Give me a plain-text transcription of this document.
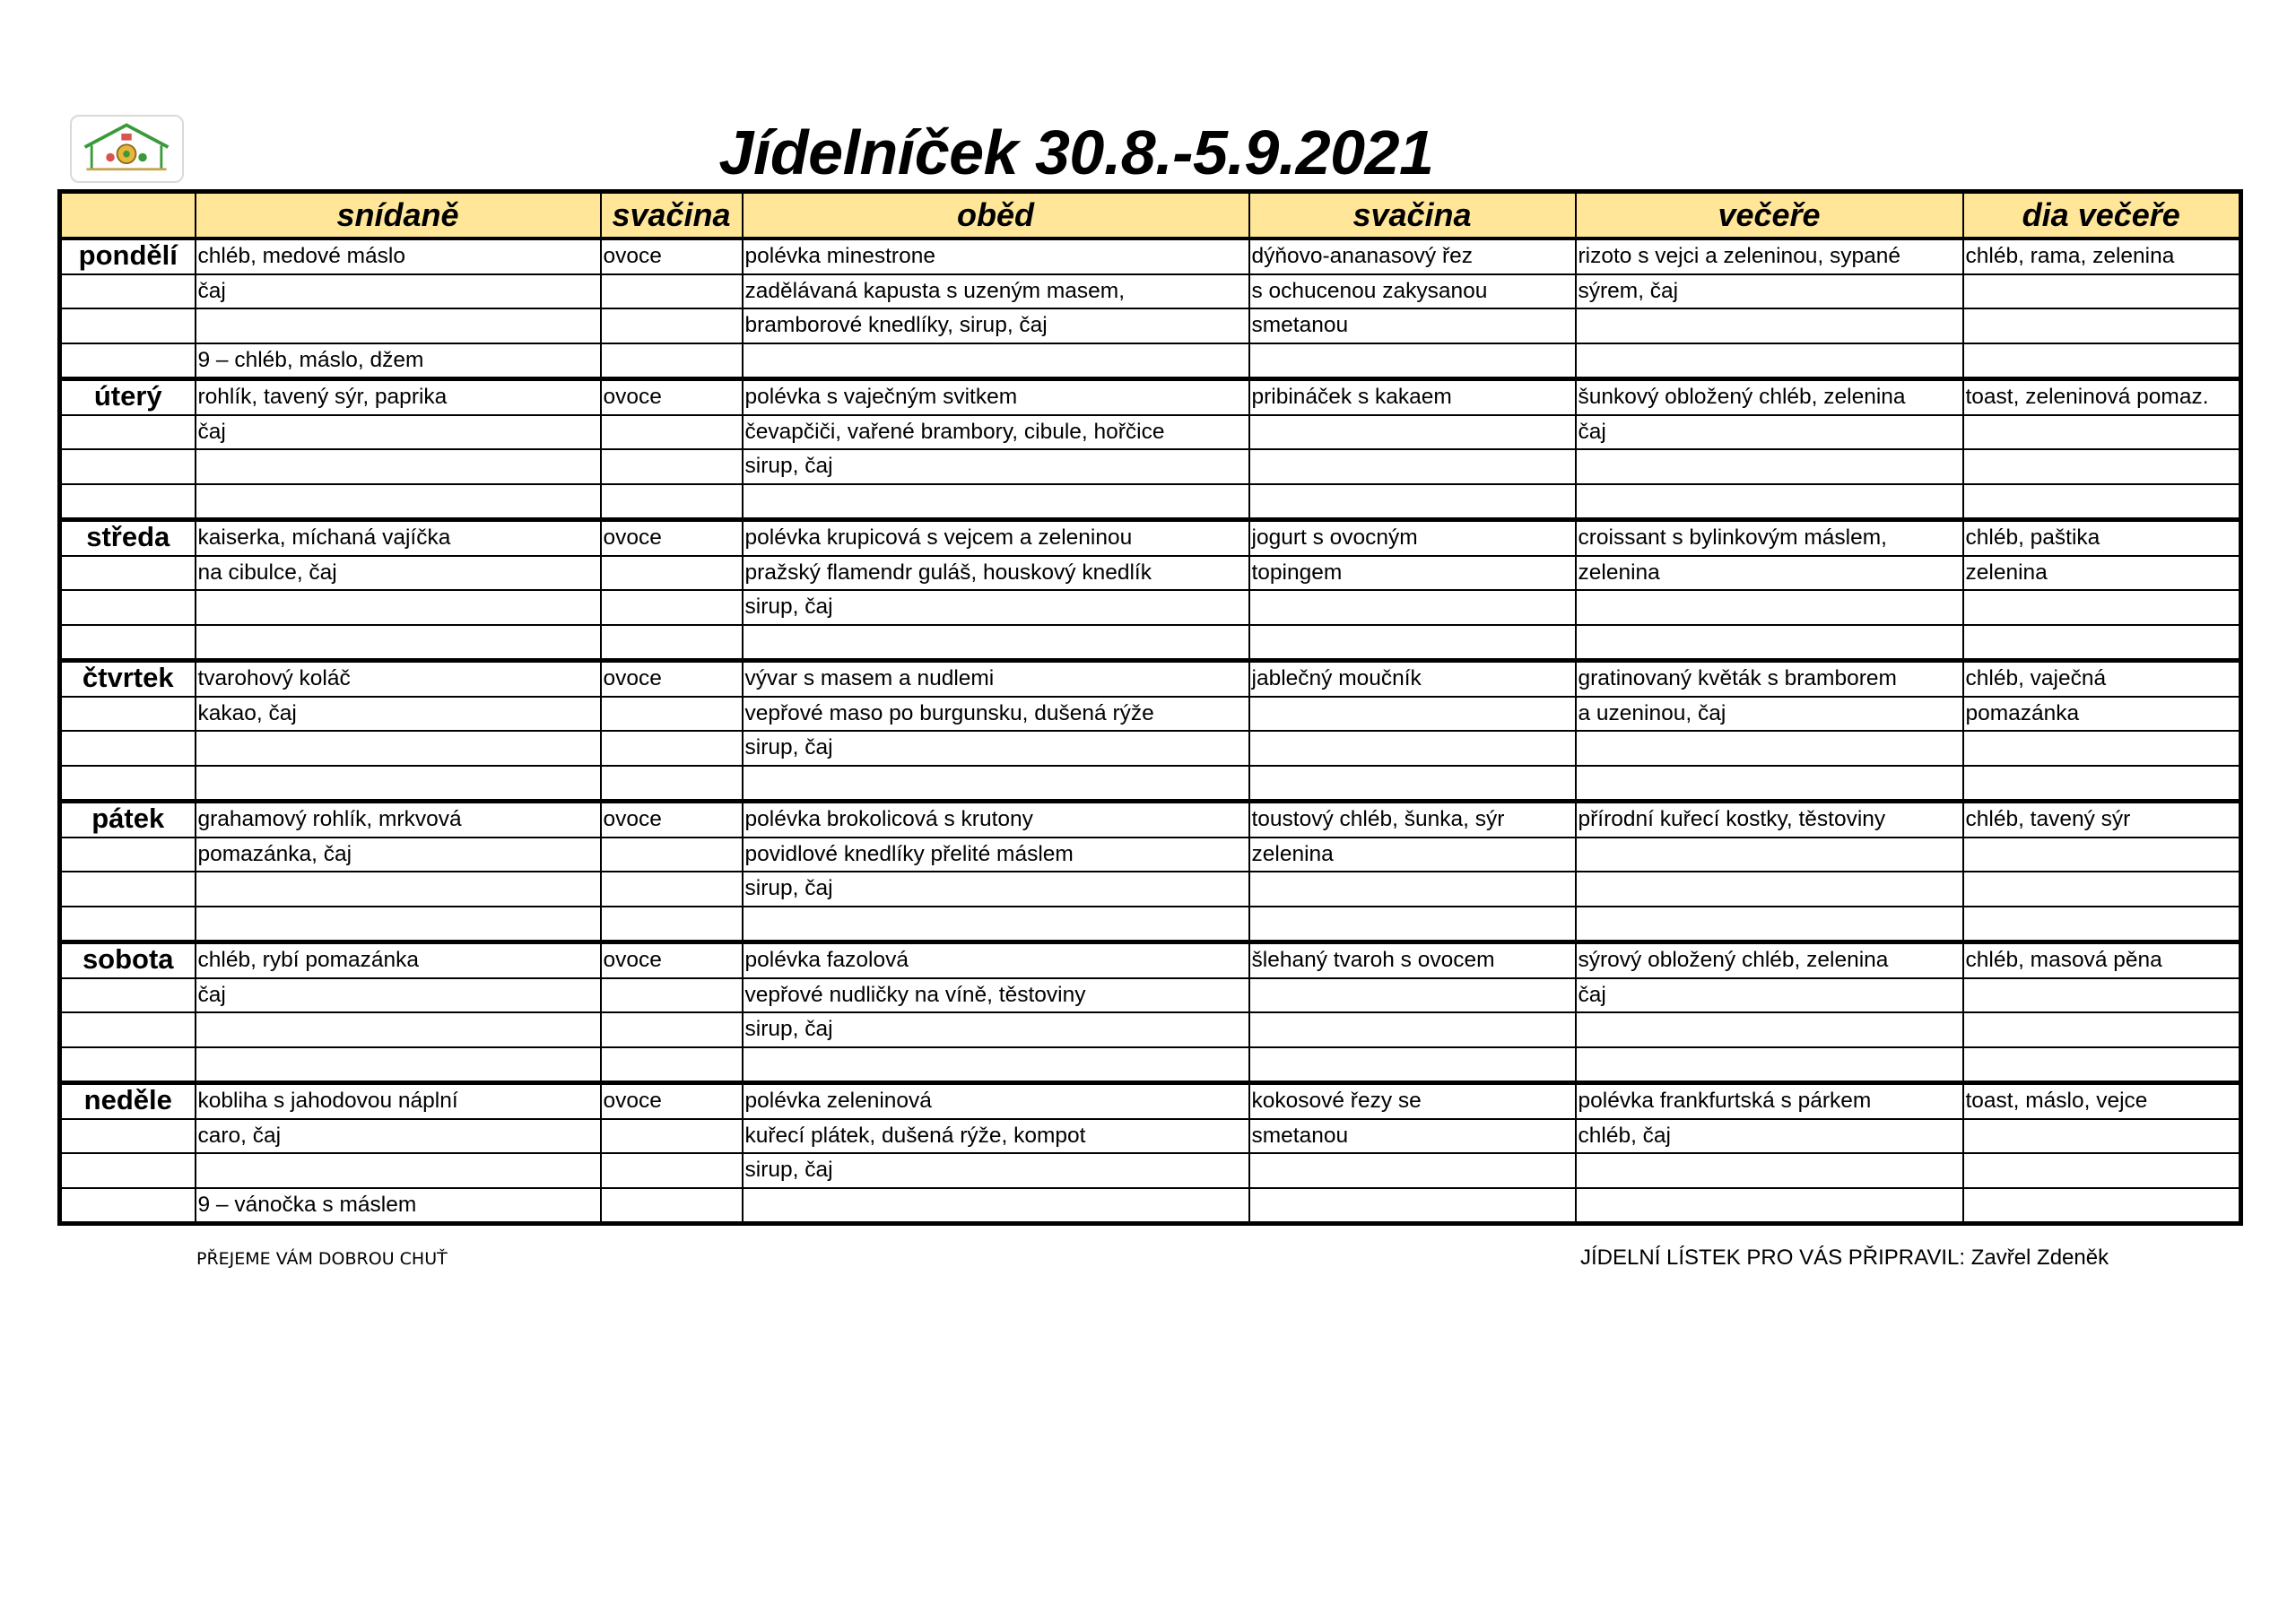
Jídelníček 30.8.-5.9.2021
	snídaně	svačina	oběd	svačina	večeře	dia večeře
pondělí	chléb, medové máslo	ovoce	polévka minestrone	dýňovo-ananasový řez	rizoto s vejci a zeleninou, sypané	chléb, rama, zelenina
	čaj		zadělávaná kapusta s uzeným masem,	s ochucenou zakysanou	sýrem, čaj	
			bramborové knedlíky, sirup, čaj	smetanou		
	9 – chléb, máslo, džem					
úterý	rohlík, tavený sýr, paprika	ovoce	polévka s vaječným svitkem	pribináček s kakaem	šunkový obložený chléb, zelenina	toast, zeleninová pomaz.
	čaj		čevapčiči, vařené brambory, cibule, hořčice		čaj	
			sirup, čaj			

středa	kaiserka, míchaná vajíčka	ovoce	polévka krupicová s vejcem a zeleninou	jogurt s ovocným	croissant s bylinkovým máslem,	chléb, paštika
	na cibulce, čaj		pražský flamendr guláš, houskový knedlík	topingem	zelenina	zelenina
			sirup, čaj			

čtvrtek	tvarohový koláč	ovoce	vývar s masem a nudlemi	jablečný moučník	gratinovaný květák s bramborem	chléb, vaječná
	kakao, čaj		vepřové maso po burgunsku, dušená rýže		a uzeninou, čaj	pomazánka
			sirup, čaj			

pátek	grahamový rohlík, mrkvová	ovoce	polévka brokolicová s krutony	toustový chléb, šunka, sýr	přírodní kuřecí kostky, těstoviny	chléb, tavený sýr
	pomazánka, čaj		povidlové knedlíky přelité máslem	zelenina		
			sirup, čaj			

sobota	chléb, rybí pomazánka	ovoce	polévka fazolová	šlehaný tvaroh s ovocem	sýrový obložený chléb, zelenina	chléb, masová pěna
	čaj		vepřové nudličky na víně, těstoviny		čaj	
			sirup, čaj			

neděle	kobliha s jahodovou náplní	ovoce	polévka zeleninová	kokosové řezy se	polévka frankfurtská s párkem	toast, máslo, vejce
	caro, čaj		kuřecí plátek, dušená rýže, kompot	smetanou	chléb, čaj	
			sirup, čaj			
	9 – vánočka s máslem					
PŘEJEME VÁM DOBROU CHUŤ	JÍDELNÍ LÍSTEK PRO VÁS PŘIPRAVIL: Zavřel Zdeněk
